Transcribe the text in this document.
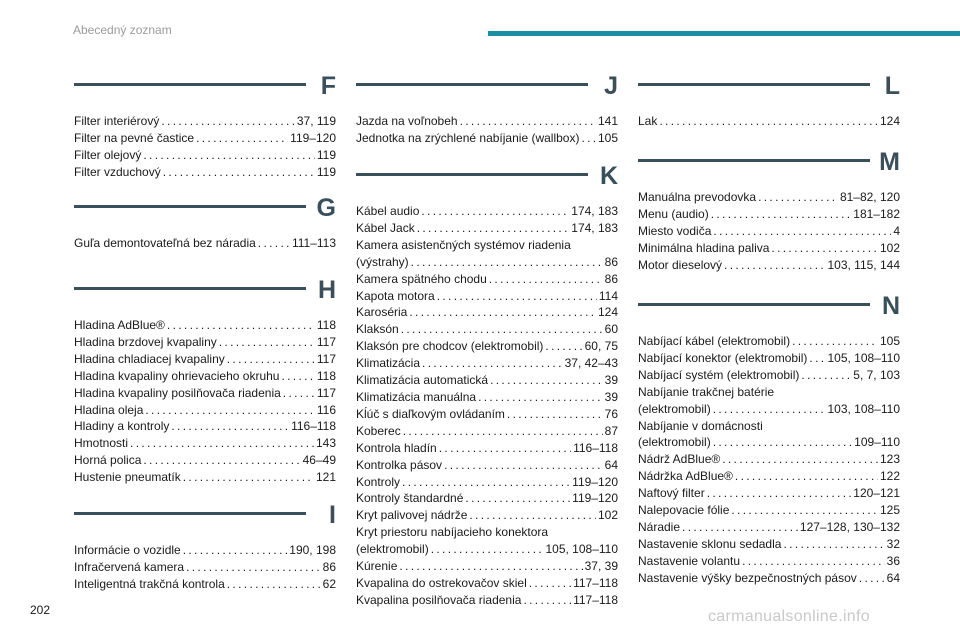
Abecedný zoznam
F
Filter interiérový . . .	37, 119
Filter na pevné častice . . .	119–120
Filter olejový . . .	119
Filter vzduchový . . .	119
G
Guľa demontovateľná bez náradia . . .	111–113
H
Hladina AdBlue® . . .	118
Hladina brzdovej kvapaliny . . .	117
Hladina chladiacej kvapaliny . . .	117
Hladina kvapaliny ohrievacieho okruhu . . .	118
Hladina kvapaliny posilňovača riadenia . . .	117
Hladina oleja . . .	116
Hladiny a kontroly . . .	116–118
Hmotnosti . . .	143
Horná polica . . .	46–49
Hustenie pneumatík . . .	121
I
Informácie o vozidle . . .	190, 198
Infračervená kamera . . .	86
Inteligentná trakčná kontrola . . .	62
J
Jazda na voľnobeh . . .	141
Jednotka na zrýchlené nabíjanie (wallbox) . . . 105
K
Kábel audio . . .	174, 183
Kábel Jack . . .	174, 183
Kamera asistenčných systémov riadenia
(výstrahy) . . .	86
Kamera spätného chodu . . .	86
Kapota motora . . .	114
Karoséria . . .	124
Klaksón . . .	60
Klaksón pre chodcov (elektromobil) . . .	60, 75
Klimatizácia . . .	37, 42–43
Klimatizácia automatická . . .	39
Klimatizácia manuálna . . .	39
Kĺúč s diaľkovým ovládaním . . .	76
Koberec . . .	87
Kontrola hladín . . .	116–118
Kontrolka pásov . . .	64
Kontroly . . .	119–120
Kontroly štandardné . . .	119–120
Kryt palivovej nádrže . . .	102
Kryt priestoru nabíjacieho konektora
(elektromobil) . . .	105, 108–110
Kúrenie . . .	37, 39
Kvapalina do ostrekovačov skiel . . .	117–118
Kvapalina posilňovača riadenia . . .	117–118
L
Lak . . .	124
M
Manuálna prevodovka . . .	81–82, 120
Menu (audio) . . .	181–182
Miesto vodiča . . .	4
Minimálna hladina paliva . . .	102
Motor dieselový . . .	103, 115, 144
N
Nabíjací kábel (elektromobil) . . .	105
Nabíjací konektor (elektromobil) . . . 105, 108–110
Nabíjací systém (elektromobil) . . .	5, 7, 103
Nabíjanie trakčnej batérie
(elektromobil) . . .	103, 108–110
Nabíjanie v domácnosti
(elektromobil) . . .	109–110
Nádrž AdBlue® . . .	123
Nádržka AdBlue® . . .	122
Naftový filter . . .	120–121
Nalepovacie fólie . . .	125
Náradie . . .	127–128, 130–132
Nastavenie sklonu sedadla . . .	32
Nastavenie volantu . . .	36
Nastavenie výšky bezpečnostných pásov . . . 64
202	carmanualsonline.info
